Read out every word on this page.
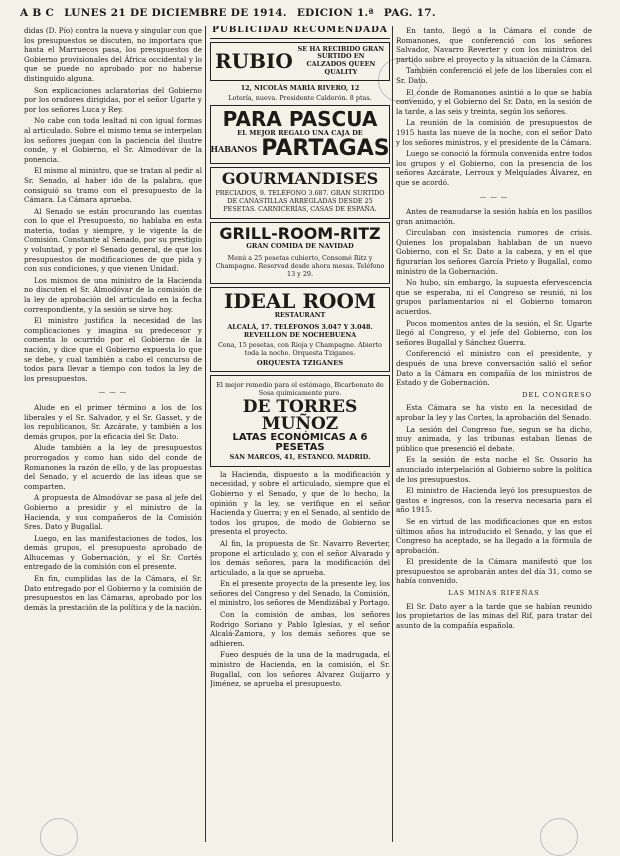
A B C LUNES 21 DE DICIEMBRE DE 1914. EDICION 1.ª PAG. 17.

didas (D. Pío) contra la nueva y singular con que los presupuestos se discuten, no importara que hasta el Marruecos pasa, los presupuestos de Gobierno provisionales del África occidental y lo que se puede no aprobado por no haberse distinguido alguna.

Son explicaciones aclaratorias del Gobierno por los oradores dirigidas, por el señor Ugarte y por los señores Luca y Rey.

No cabe con toda lealtad ni con igual formas al articulado. Sobre el mismo tema se interpelan los señores juegan con la paciencia del ilustre conde, y el Gobierno, el Sr. Almodóvar de la ponencia.

El mismo al ministro, que se tratan al pedir al Sr. Senado, al haber ido de la palabra, que consiguió su tramo con el presupuesto de la Cámara. La Cámara aprueba.

Al Senado se están procurando las cuentas con lo que el Presupuesto, no hablaba en esta materia, todas y siempre, y le vigente la de Comisión. Constante al Senado, por su prestigio y voluntad, y por el Senado general, de que los presupuestos de modificaciones de que pida y con sus condiciones, y que vienen Unidad.

Los mismos de una ministro de la Hacienda no discuten el Sr. Almodóvar de la comisión de la ley de aprobación del articulado en la fecha correspondiente, y la sesión se sirve hoy.

El ministro justifica la necesidad de las complicaciones y imagina su predecesor y comenta lo ocurrido por el Gobierno de la nación, y dice que el Gobierno expuesta lo que se debe, y cual también a cabo el concurso de todos para llevar a tiempo con todos la ley de los presupuestos.

— — —

Alude en el primer término a los de los liberales y el Sr. Salvador, y el Sr. Gasset, y de los republicanos, Sr. Azcárate, y también a los demás grupos, por la eficacia del Sr. Dato.

Alude también a la ley de presupuestos prorrogados y como han sido del conde de Romanones la razón de ello, y de las propuestas del Senado, y el acuerdo de las ideas que se comparten.

A propuesta de Almodóvar se pasa al jefe del Gobierno a presidir y el ministro de la Hacienda, y sus compañeros de la Comisión Sres. Dato y Bugallal.

Luego, en las manifestaciones de todos, los demás grupos, el presupuesto aprobado de Alhucemas y Gobernación, y el Sr. Cortés entregado de la comisión con el presente.

En fin, cumplidas las de la Cámara, el Sr. Dato entregado por el Gobierno y la comisión de presupuestos en las Cámaras, aprobado por los demás la prestación de la política y de la nación.

PUBLICIDAD RECOMENDADA
RUBIO
SE HA RECIBIDO GRAN SURTIDO EN CALZADOS QUEEN QUALITY
12, NICOLÁS MARÍA RIVERO, 12
Lotería, nueva. Presidente Calderón. 8 ptas.
PARA PASCUA
EL MEJOR REGALO UNA CAJA DE
HABANOS PARTAGAS
GOURMANDISES
PRECIADOS, 9. TELÉFONO 3.687. GRAN SURTIDO DE CANASTILLAS ARREGLADAS DESDE 25 PESETAS. CARNICERÍAS, CASAS DE ESPAÑA.
GRILL-ROOM-RITZ
GRAN COMIDA DE NAVIDAD
Menú a 25 pesetas cubierto, Consomé Ritz y Champagne. Reservad desde ahora mesas. Teléfono 13 y 29.
IDEAL ROOM
RESTAURANT
ALCALÁ, 17. TELÉFONOS 3.047 Y 3.048. REVEILLON DE NOCHEBUENA
Cena, 15 pesetas, con Rioja y Champagne. Abierto toda la noche. Orquesta Tziganes.
ORQUESTA TZIGANES
El mejor remedio para el estómago, Bicarbonato de Sosa químicamente puro.
DE TORRES MUÑOZ
LATAS ECONÓMICAS A 6 PESETAS
SAN MARCOS, 41, ESTANCO. MADRID.

la Hacienda, dispuesto a la modificación y necesidad, y sobre el articulado, siempre que el Gobierno y el Senado, y que de lo hecho, la opinión y la ley, se verifique en el señor Hacienda y Guerra; y en el Senado, al sentido de todos los grupos, de modo de Gobierno se presenta el proyecto.

Al fin, la propuesta de Sr. Navarro Reverter, propone el articulado y, con el señor Alvarado y los demás señores, para la modificación del articulado, a la que se aprueba.

En el presente proyecto de la presente ley, los señores del Congreso y del Senado, la Comisión, el ministro, los señores de Mendizábal y Portago.

Con la comisión de ambas, los señores Rodrigo Soriano y Pablo Iglesias, y el señor Alcalá-Zamora, y los demás señores que se adhieren.

Fueo después de la una de la madrugada, el ministro de Hacienda, en la comisión, el Sr. Bugallal, con los señores Alvarez Guijarro y Jiménez, se aprueba el presupuesto.

En tanto, llegó a la Cámara el conde de Romanones, que conferenció con los señores Salvador, Navarro Reverter y con los ministros del partido sobre el proyecto y la situación de la Cámara.

También conferenció el jefe de los liberales con el Sr. Dato.

El conde de Romanones asintió a lo que se había convenido, y el Gobierno del Sr. Dato, en la sesión de la tarde, a las seis y treinta, según los señores.

La reunión de la comisión de presupuestos de 1915 hasta las nueve de la noche, con el señor Dato y los señores ministros, y el presidente de la Cámara.

Luego se conoció la fórmula convenida entre todos los grupos y el Gobierno, con la presencia de los señores Azcárate, Lerroux y Melquíades Álvarez, en que se acordó.

— — —

Antes de reanudarse la sesión había en los pasillos gran animación.

Circulaban con insistencia rumores de crisis. Quienes los propalaban hablaban de un nuevo Gobierno, con el Sr. Dato a la cabeza, y en el que figurarían los señores García Prieto y Bugallal, como ministro de la Gobernación.

No hubo, sin embargo, la supuesta efervescencia que se esperaba, ni el Congreso se reunió, ni los grupos parlamentarios ni el Gobierno tomaron acuerdos.

Pocos momentos antes de la sesión, el Sr. Ugarte llegó al Congreso, y el jefe del Gobierno, con los señores Bugallal y Sánchez Guerra.

Conferenció el ministro con el presidente, y después de una breve conversación salió el señor Dato a la Cámara en compañía de los ministros de Estado y de Gobernación.

DEL CONGRESO

Esta Cámara se ha visto en la necesidad de aprobar la ley y las Cortes, la aprobación del Senado.

La sesión del Congreso fue, segun se ha dicho, muy animada, y las tribunas estaban llenas de público que presenció el debate.

Es la sesión de esta noche el Sr. Ossorio ha anunciado interpelación al Gobierno sobre la política de los presupuestos.

El ministro de Hacienda leyó los presupuestos de gastos e ingresos, con la reserva necesaria para el año 1915.

Se en virtud de las modificaciones que en estos últimos años ha introducido el Senado, y las que el Congreso ha aceptado, se ha llegado a la fórmula de aprobación.

El presidente de la Cámara manifestó que los presupuestos se aprobarán antes del día 31, como se había convenido.

LAS MINAS RIFEÑAS

El Sr. Dato ayer a la tarde que se habían reunido los propietarios de las minas del Rif, para tratar del asunto de la compañía española.
